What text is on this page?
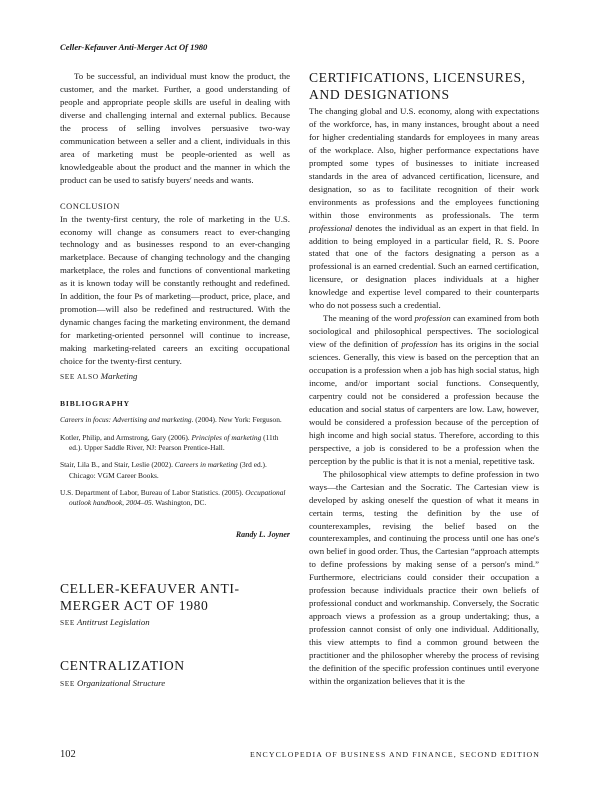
Celler-Kefauver Anti-Merger Act Of 1980

To be successful, an individual must know the product, the customer, and the market. Further, a good understanding of people and appropriate people skills are useful in dealing with diverse and challenging internal and external publics. Because the process of selling involves persuasive two-way communication between a seller and a client, individuals in this area of marketing must be people-oriented as well as knowledgeable about the product and the manner in which the product can be used to satisfy buyers' needs and wants.

CONCLUSION

In the twenty-first century, the role of marketing in the U.S. economy will change as consumers react to ever-changing technology and as businesses respond to an ever-changing marketplace. Because of changing technology and the changing marketplace, the roles and functions of conventional marketing as it is known today will be constantly rethought and redefined. In addition, the four Ps of marketing—product, price, place, and promotion—will also be redefined and restructured. With the dynamic changes facing the marketing environment, the demand for marketing-oriented personnel will continue to increase, making marketing-related careers an exciting occupational choice for the twenty-first century.

SEE ALSO Marketing

BIBLIOGRAPHY

Careers in focus: Advertising and marketing. (2004). New York: Ferguson.

Kotler, Philip, and Armstrong, Gary (2006). Principles of marketing (11th ed.). Upper Saddle River, NJ: Pearson Prentice-Hall.

Stair, Lila B., and Stair, Leslie (2002). Careers in marketing (3rd ed.). Chicago: VGM Career Books.

U.S. Department of Labor, Bureau of Labor Statistics. (2005). Occupational outlook handbook, 2004–05. Washington, DC.

Randy L. Joyner

CELLER-KEFAUVER ANTI-MERGER ACT OF 1980

SEE Antitrust Legislation

CENTRALIZATION

SEE Organizational Structure

CERTIFICATIONS, LICENSURES, AND DESIGNATIONS

The changing global and U.S. economy, along with expectations of the workforce, has, in many instances, brought about a need for higher credentialing standards for employees in many areas of the workplace. Also, higher performance expectations have prompted some types of businesses to initiate increased standards in the area of advanced certification, licensure, and designation, so as to facilitate recognition of their work environments as professions and the employees functioning within those environments as professionals. The term professional denotes the individual as an expert in that field. In addition to being employed in a particular field, R. S. Poore stated that one of the factors designating a person as a professional is an earned credential. Such an earned certification, licensure, or designation places individuals at a higher knowledge and expertise level compared to their counterparts who do not possess such a credential.

The meaning of the word profession can examined from both sociological and philosophical perspectives. The sociological view of the definition of profession has its origins in the social sciences. Generally, this view is based on the perception that an occupation is a profession when a job has high social status, high income, and/or important social functions. Consequently, carpentry could not be considered a profession because the education and social status of carpenters are low. Law, however, would be considered a profession because of the perception of high income and high social status. Therefore, according to this perspective, a job is considered to be a profession when the perception by the public is that it is not a menial, repetitive task.

The philosophical view attempts to define profession in two ways—the Cartesian and the Socratic. The Cartesian view is developed by asking oneself the question of what it means in certain terms, testing the definition by the use of counterexamples, revising the belief based on the counterexamples, and continuing the process until one has one's own belief in good order. Thus, the Cartesian “approach attempts to define professions by making sense of a person's mind.” Furthermore, electricians could consider their occupation a profession because individuals practice their own beliefs of professional conduct and workmanship. Conversely, the Socratic approach views a profession as a group undertaking; thus, a profession cannot consist of only one individual. Additionally, this view attempts to find a common ground between the practitioner and the philosopher whereby the process of revising the definition of the specific profession continues until everyone within the organization believes that it is the

102	ENCYCLOPEDIA OF BUSINESS AND FINANCE, SECOND EDITION
